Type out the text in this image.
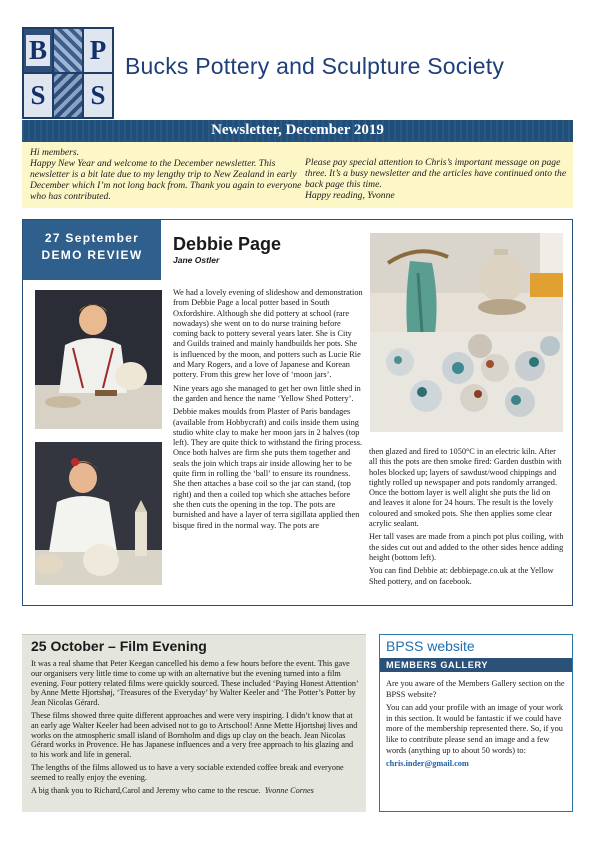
B P
S S
Bucks Pottery and Sculpture Society
Newsletter, December 2019
Hi members.
Happy New Year and welcome to the December newsletter. This newsletter is a bit late due to my lengthy trip to New Zealand in early December which I’m not long back from. Thank you again to everyone who has contributed.
Please pay special attention to Chris’s important message on page three. It’s a busy newsletter and the articles have continued onto the back page this time.
Happy reading, Yvonne
27 September
DEMO REVIEW
Debbie Page
Jane Ostler

We had a lovely evening of slideshow and demonstration from Debbie Page a local potter based in South Oxfordshire. Although she did pottery at school (rare nowadays) she went on to do nurse training before coming back to pottery several years later. She is City and Guilds trained and mainly handbuilds her pots. She is influenced by the moon, and potters such as Lucie Rie and Mary Rogers, and a love of Japanese and Korean pottery. From this grew her love of ‘moon jars’.

Nine years ago she managed to get her own little shed in the garden and hence the name ‘Yellow Shed Pottery’.

Debbie makes moulds from Plaster of Paris bandages (available from Hobbycraft) and coils inside them using studio white clay to make her moon jars in 2 halves (top left). They are quite thick to withstand the firing process. Once both halves are firm she puts them together and seals the join which traps air inside allowing her to be quite firm in rolling the ‘ball’ to ensure its roundness. She then attaches a base coil so the jar can stand, (top right) and then a coiled top which she attaches before she then cuts the opening in the top. The pots are burnished and have a layer of terra sigillata applied then bisque fired in the normal way. The pots are

then glazed and fired to 1050°C in an electric kiln. After all this the pots are then smoke fired: Garden dustbin with holes blocked up; layers of sawdust/wood chippings and tightly rolled up newspaper and pots randomly arranged. Once the bottom layer is well alight she puts the lid on and leaves it alone for 24 hours. The result is the lovely coloured and smoked pots. She then applies some clear acrylic sealant.

Her tall vases are made from a pinch pot plus coiling, with the sides cut out and added to the other sides hence adding height (bottom left).

You can find Debbie at: debbiepage.co.uk at the Yellow Shed pottery, and on facebook.

25 October – Film Evening

It was a real shame that Peter Keegan cancelled his demo a few hours before the event. This gave our organisers very little time to come up with an alternative but the evening turned into a film evening. Four pottery related films were quickly sourced. These included ‘Paying Honest Attention’ by Anne Mette Hjortshøj, ‘Treasures of the Everyday’ by Walter Keeler and ‘The Potter’s Potter by Jean Nicolas Gérard.

These films showed three quite different approaches and were very inspiring. I didn’t know that at an early age Walter Keeler had been advised not to go to Artschool! Anne Mette Hjortshøj lives and works on the atmospheric small island of Bornholm and digs up clay on the beach. Jean Nicolas Gérard works in Provence. He has Japanese influences and a very free approach to his glazing and to his work and life in general.

The lengths of the films allowed us to have a very sociable extended coffee break and everyone seemed to really enjoy the evening.

A big thank you to Richard,Carol and Jeremy who came to the rescue. Yvonne Cornes

BPSS website
MEMBERS GALLERY

Are you aware of the Members Gallery section on the BPSS website?

You can add your profile with an image of your work in this section. It would be fantastic if we could have more of the membership represented there. So, if you like to contribute please send an image and a few words (anything up to about 50 words) to:

chris.inder@gmail.com
